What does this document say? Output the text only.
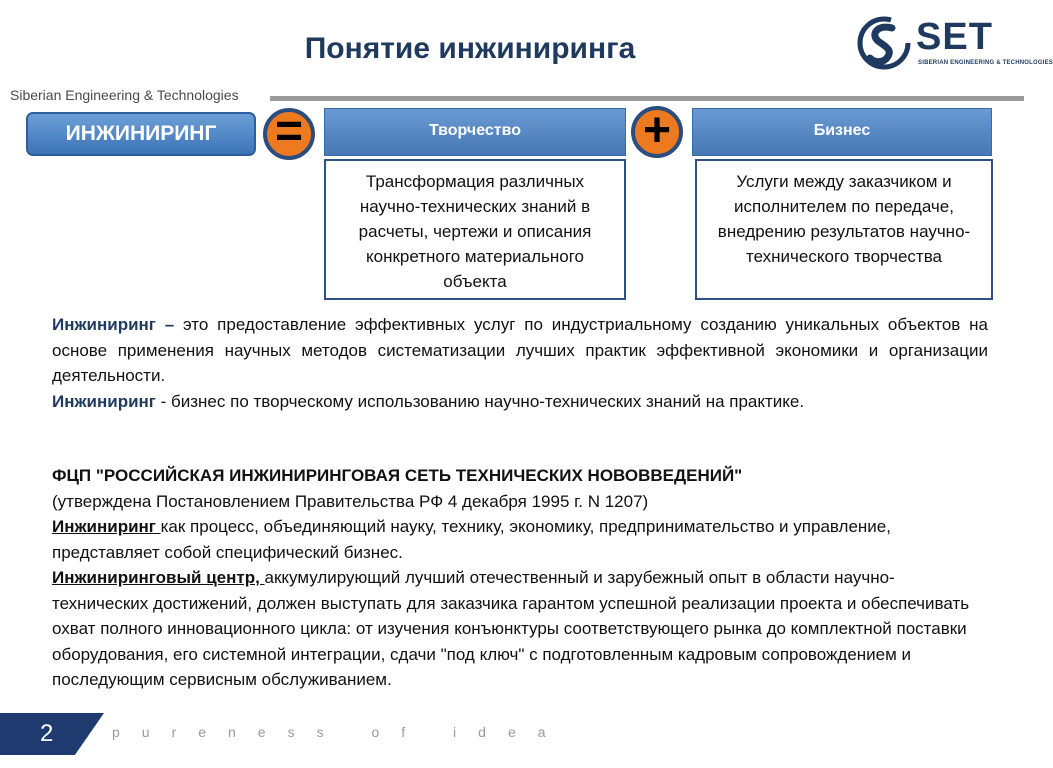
Понятие инжиниринга	SET
SIBERIAN ENGINEERING & TECHNOLOGIES
Siberian Engineering & Technologies
ИНЖИНИРИНГ	=	Творчество	+	Бизнес
Трансформация различных научно-технических знаний в расчеты, чертежи и описания конкретного материального объекта
Услуги между заказчиком и исполнителем по передаче, внедрению результатов научно-технического творчества
Инжиниринг – это предоставление эффективных услуг по индустриальному созданию уникальных объектов на основе применения научных методов систематизации лучших практик эффективной экономики и организации деятельности.
Инжиниринг - бизнес по творческому использованию научно-технических знаний на практике.
ФЦП "РОССИЙСКАЯ ИНЖИНИРИНГОВАЯ СЕТЬ ТЕХНИЧЕСКИХ НОВОВВЕДЕНИЙ"
(утверждена Постановлением Правительства РФ 4 декабря 1995 г. N 1207)
Инжиниринг как процесс, объединяющий науку, технику, экономику, предпринимательство и управление, представляет собой специфический бизнес.
Инжиниринговый центр, аккумулирующий лучший отечественный и зарубежный опыт в области научно-технических достижений, должен выступать для заказчика гарантом успешной реализации проекта и обеспечивать охват полного инновационного цикла: от изучения конъюнктуры соответствующего рынка до комплектной поставки оборудования, его системной интеграции, сдачи "под ключ" с подготовленным кадровым сопровождением и последующим сервисным обслуживанием.
2	pureness of idea
